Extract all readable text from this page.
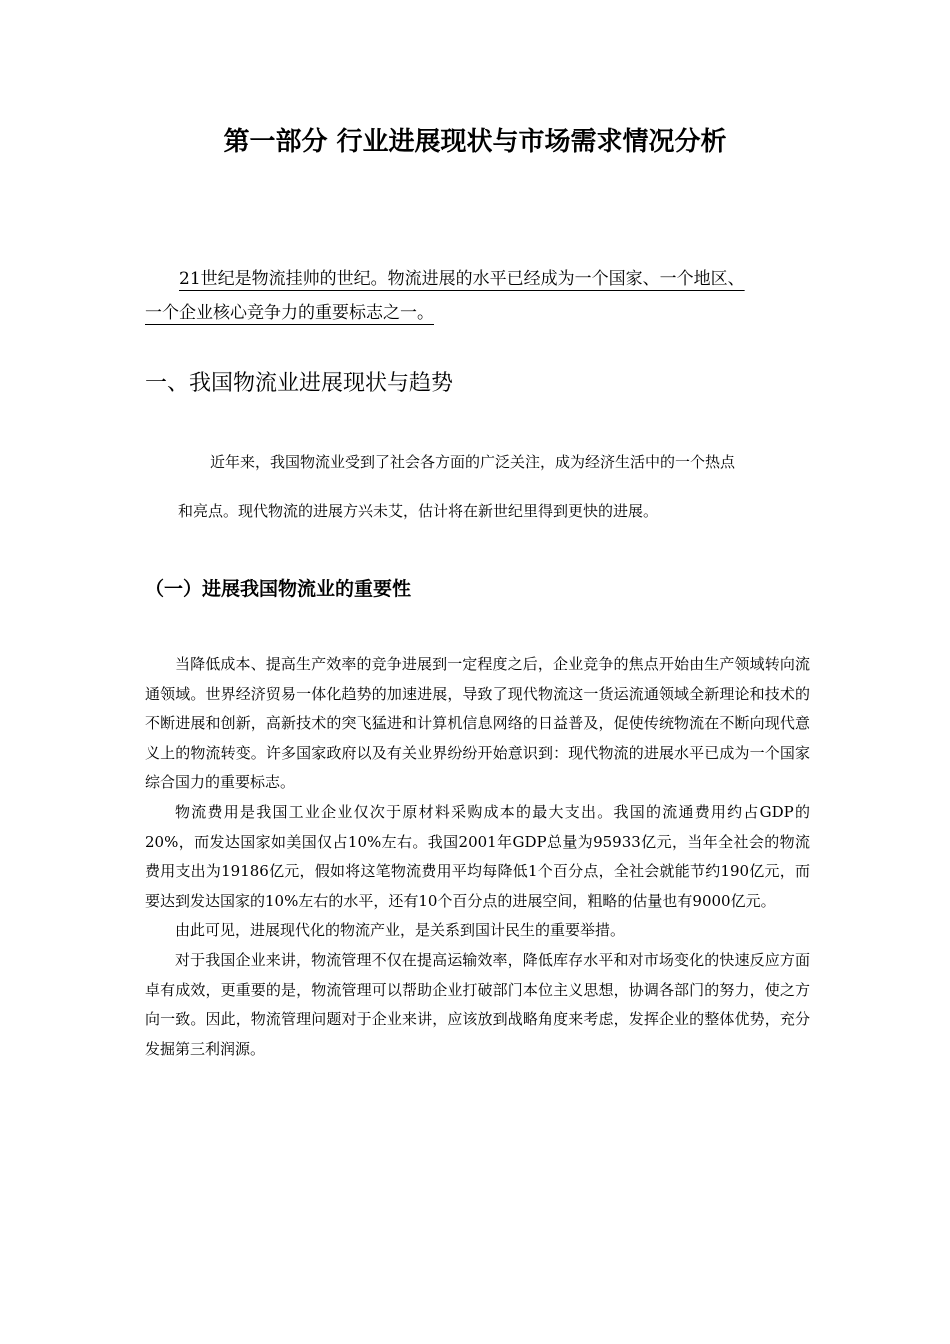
第一部分 行业进展现状与市场需求情况分析
21世纪是物流挂帅的世纪。物流进展的水平已经成为一个国家、一个地区、
一个企业核心竞争力的重要标志之一。
一、我国物流业进展现状与趋势

近年来，我国物流业受到了社会各方面的广泛关注，成为经济生活中的一个热点

和亮点。现代物流的进展方兴未艾，估计将在新世纪里得到更快的进展。

（一）进展我国物流业的重要性

当降低成本、提高生产效率的竞争进展到一定程度之后，企业竞争的焦点开始由生产领域转向流通领域。世界经济贸易一体化趋势的加速进展，导致了现代物流这一货运流通领域全新理论和技术的不断进展和创新，高新技术的突飞猛进和计算机信息网络的日益普及，促使传统物流在不断向现代意义上的物流转变。许多国家政府以及有关业界纷纷开始意识到：现代物流的进展水平已成为一个国家综合国力的重要标志。

物流费用是我国工业企业仅次于原材料采购成本的最大支出。我国的流通费用约占GDP的20%，而发达国家如美国仅占10%左右。我国2001年GDP总量为95933亿元，当年全社会的物流费用支出为19186亿元，假如将这笔物流费用平均每降低1个百分点，全社会就能节约190亿元，而要达到发达国家的10%左右的水平，还有10个百分点的进展空间，粗略的估量也有9000亿元。

由此可见，进展现代化的物流产业，是关系到国计民生的重要举措。

对于我国企业来讲，物流管理不仅在提高运输效率，降低库存水平和对市场变化的快速反应方面卓有成效，更重要的是，物流管理可以帮助企业打破部门本位主义思想，协调各部门的努力，使之方向一致。因此，物流管理问题对于企业来讲，应该放到战略角度来考虑，发挥企业的整体优势，充分发掘第三利润源。
